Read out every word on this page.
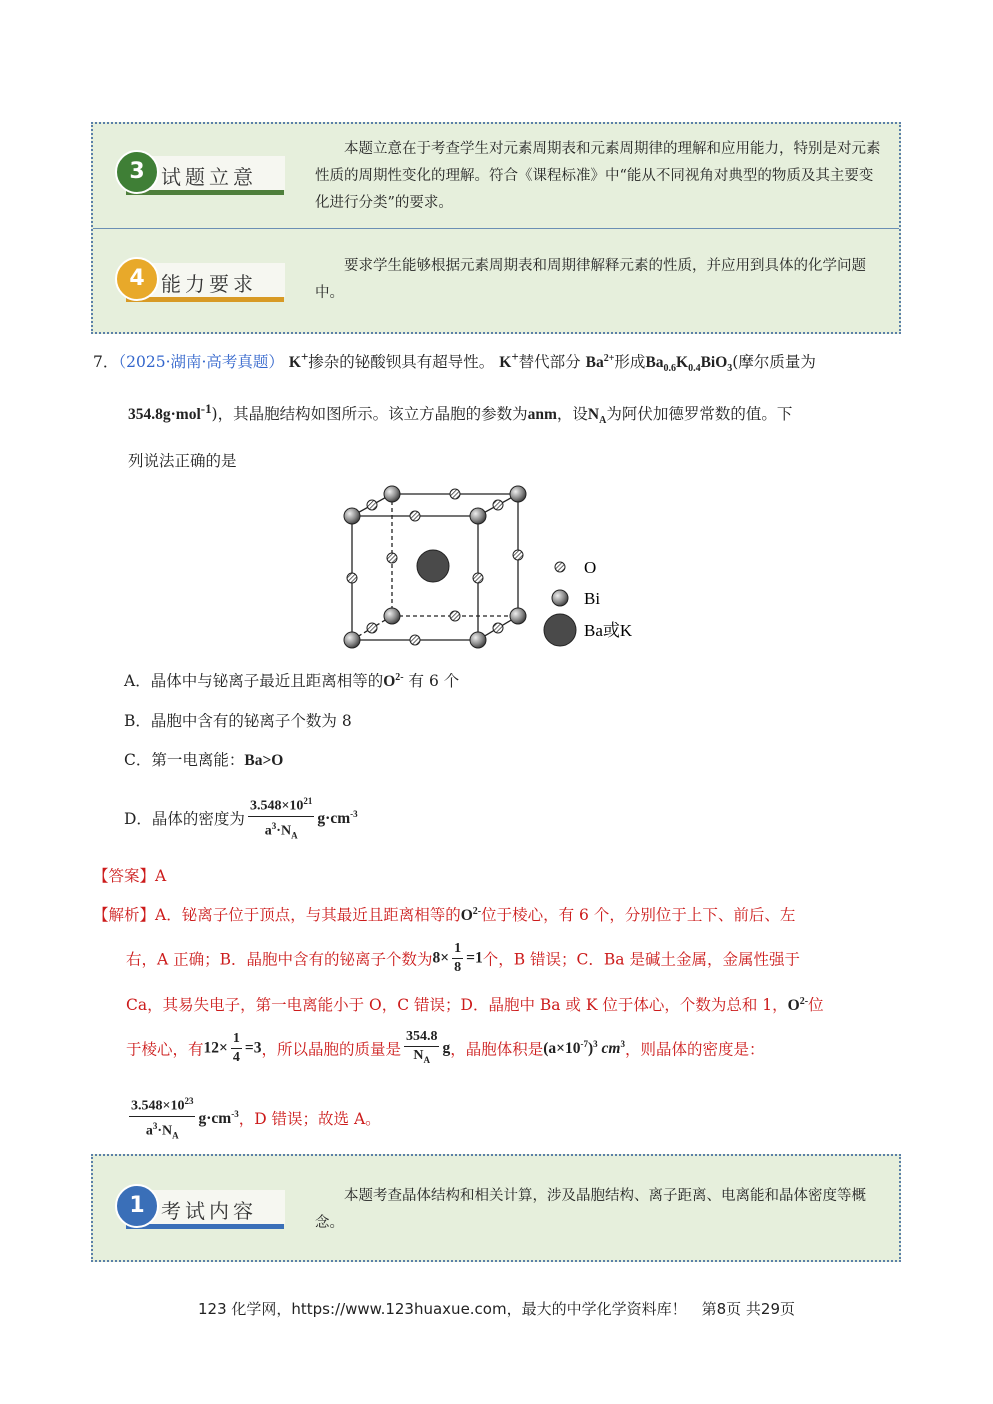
3 试题立意
本题立意在于考查学生对元素周期表和元素周期律的理解和应用能力，特别是对元素性质的周期性变化的理解。符合《课程标准》中“能从不同视角对典型的物质及其主要变化进行分类”的要求。
4 能力要求
要求学生能够根据元素周期表和周期律解释元素的性质，并应用到具体的化学问题中。
7．（2025·湖南·高考真题） K+掺杂的铋酸钡具有超导性。 K+替代部分 $Ba^{2+}$形成$Ba_{0.6}K_{0.4}BiO_3$(摩尔质量为
354.8g·mol$^{-1}$)，其晶胞结构如图所示。该立方晶胞的参数为anm，设$N_A$为阿伏加德罗常数的值。下
列说法正确的是
O
Bi
Ba或K
A．晶体中与铋离子最近且距离相等的$O^{2-}$ 有 6 个
B．晶胞中含有的铋离子个数为 8
C．第一电离能：Ba>O
D．晶体的密度为 $\frac{3.548\times 10^{21}}{a^3\cdot N_A} g\cdot cm^{-3}$
【答案】A
【解析】A．铋离子位于顶点，与其最近且距离相等的$O^{2-}$位于棱心，有 6 个，分别位于上下、前后、左
右，A 正确；B．晶胞中含有的铋离子个数为$8\times \frac{1}{8} =1$个，B 错误；C．Ba 是碱土金属，金属性强于
Ca，其易失电子，第一电离能小于 O，C 错误；D．晶胞中 Ba 或 K 位于体心，个数为总和 1，$O^{2-}$位
于棱心，有$12\times \frac{1}{4} =3$，所以晶胞的质量是 $\frac{354.8}{N_A}$ g，晶胞体积是$(a\times 10^{-7})^3$ $cm^3$，则晶体的密度是：
$\frac{3.548\times 10^{23}}{a^3\cdot N_A} g\cdot cm^{-3}$，D 错误；故选 A。
1 考试内容
本题考查晶体结构和相关计算，涉及晶胞结构、离子距离、电离能和晶体密度等概念。
123 化学网，https://www.123huaxue.com，最大的中学化学资料库！　第8页 共29页
